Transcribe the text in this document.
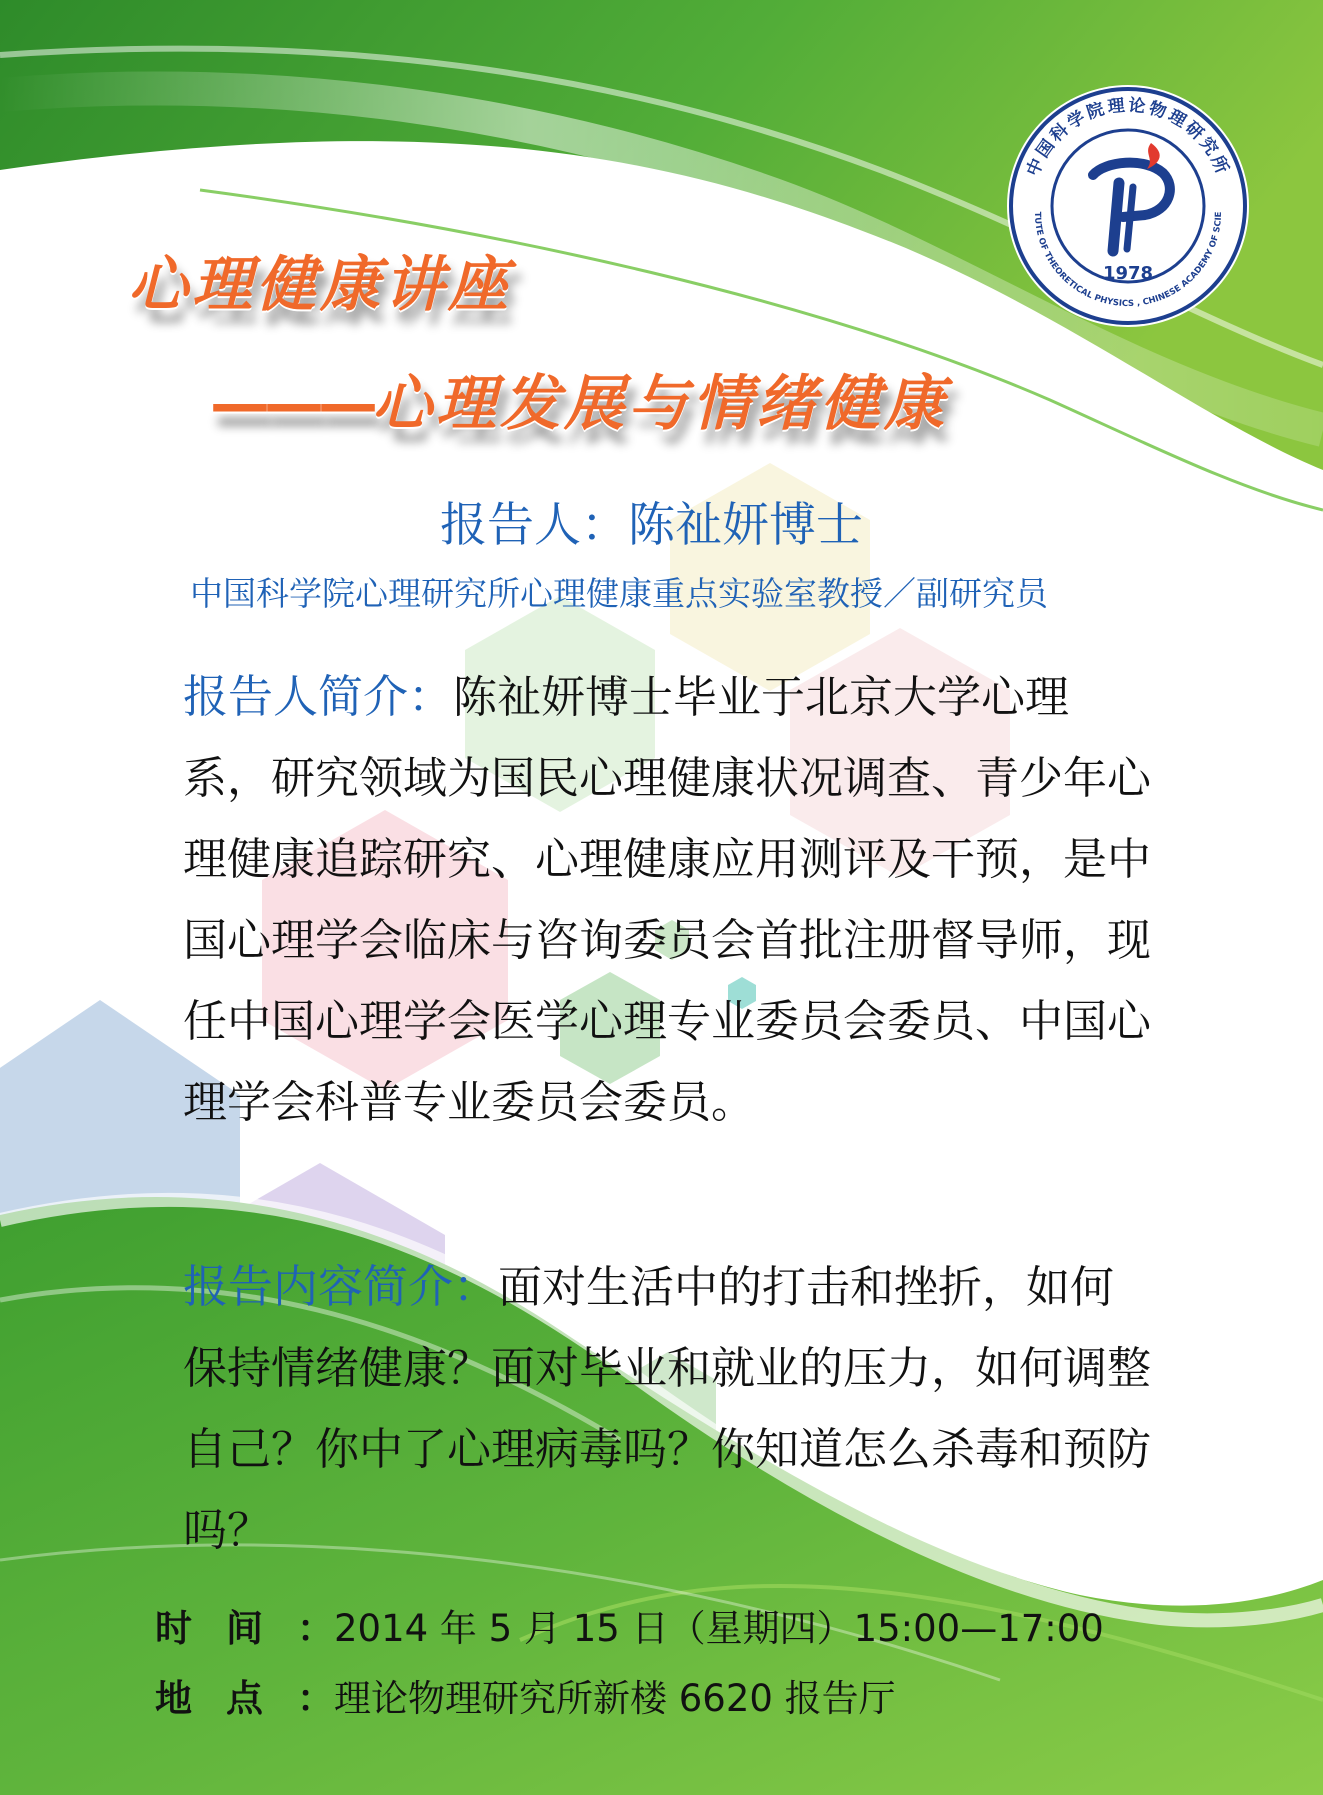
中国科学院理论物理研究所
TUTE OF THEORETICAL PHYSICS , CHINESE ACADEMY OF SCIE
1978
心理健康讲座
———心理发展与情绪健康

报告人：陈祉妍博士

中国科学院心理研究所心理健康重点实验室教授／副研究员

报告人简介：陈祉妍博士毕业于北京大学心理系，研究领域为国民心理健康状况调查、青少年心理健康追踪研究、心理健康应用测评及干预，是中国心理学会临床与咨询委员会首批注册督导师，现任中国心理学会医学心理专业委员会委员、中国心理学会科普专业委员会委员。

报告内容简介：面对生活中的打击和挫折，如何保持情绪健康？面对毕业和就业的压力，如何调整自己？你中了心理病毒吗？你知道怎么杀毒和预防吗？

时间：2014 年 5 月 15 日（星期四）15:00—17:00

地点：理论物理研究所新楼 6620 报告厅
